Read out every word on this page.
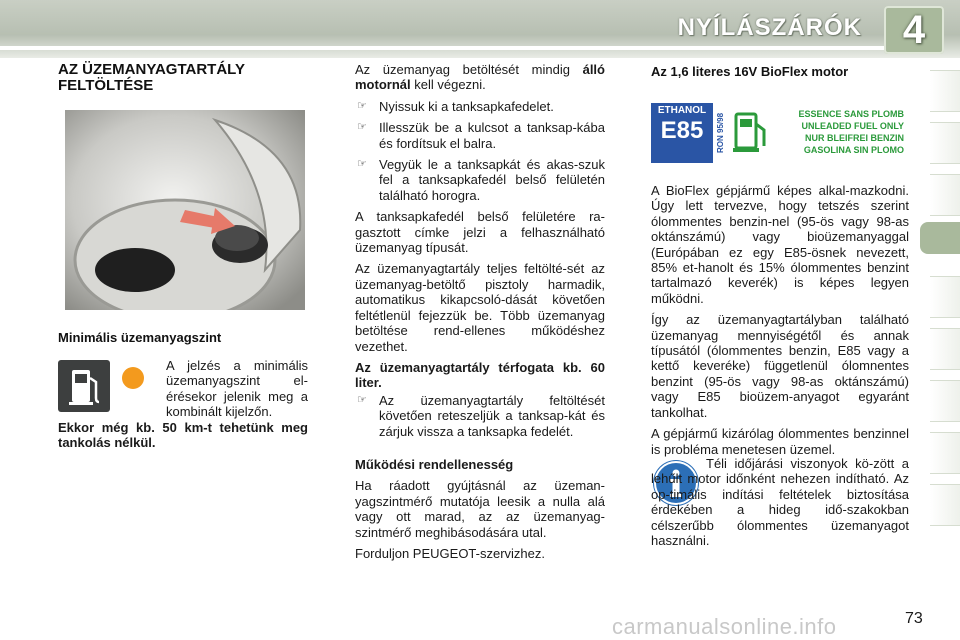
NYÍLÁSZÁRÓK	4
AZ ÜZEMANYAGTARTÁLY FELTÖLTÉSE
Minimális üzemanyagszint

A jelzés a minimális üzemanyagszint el-érésekor jelenik meg a kombinált kijelzőn.

Ekkor még kb. 50 km-t tehetünk meg tankolás nélkül.

Az üzemanyag betöltését mindig álló motornál kell végezni.

☞ Nyissuk ki a tanksapkafedelet.
☞ Illesszük be a kulcsot a tanksap-kába és fordítsuk el balra.
☞ Vegyük le a tanksapkát és akas-szuk fel a tanksapkafedél belső felületén található horogra.

A tanksapkafedél belső felületére ra-gasztott címke jelzi a felhasználható üzemanyag típusát.

Az üzemanyagtartály teljes feltölté-sét az üzemanyag-betöltő pisztoly harmadik, automatikus kikapcsoló-dását követően feltétlenül fejezzük be. Több üzemanyag betöltése rend-ellenes működéshez vezethet.

Az üzemanyagtartály térfogata kb. 60 liter.

☞ Az üzemanyagtartály feltöltését követően reteszeljük a tanksap-kát és zárjuk vissza a tanksapka fedelét.

Működési rendellenesség

Ha ráadott gyújtásnál az üzeman-yagszintmérő mutatója leesik a nulla alá vagy ott marad, az az üzemanyag-szintmérő meghibásodására utal.

Forduljon PEUGEOT-szervizhez.

Az 1,6 literes 16V BioFlex motor
ETHANOL
E85	RON 95/98	ESSENCE SANS PLOMB
UNLEADED FUEL ONLY
NUR BLEIFREI BENZIN
GASOLINA SIN PLOMO

A BioFlex gépjármű képes alkal-mazkodni. Úgy lett tervezve, hogy tetszés szerint ólommentes benzin-nel (95-ös vagy 98-as oktánszámú) vagy bioüzemanyaggal (Európában ez egy E85-ösnek nevezett, 85% et-hanolt és 15% ólommentes benzint tartalmazó keverék) is képes legyen működni.

Így az üzemanyagtartályban található üzemanyag mennyiségétől és annak típusától (ólommentes benzin, E85 vagy a kettő keveréke) függetlenül ólomnentes benzint (95-ös vagy 98-as oktánszámú) vagy E85 bioüzem-anyagot egyaránt tankolhat.

A gépjármű kizárólag ólommentes benzinnel is probléma menetesen üzemel.

Téli időjárási viszonyok kö-zött a lehűlt motor időnként nehezen indítható. Az op-timális indítási feltételek biztosítása érdekében a hideg idő-szakokban célszerűbb ólommentes üzemanyagot használni.

carmanualsonline.info	73
